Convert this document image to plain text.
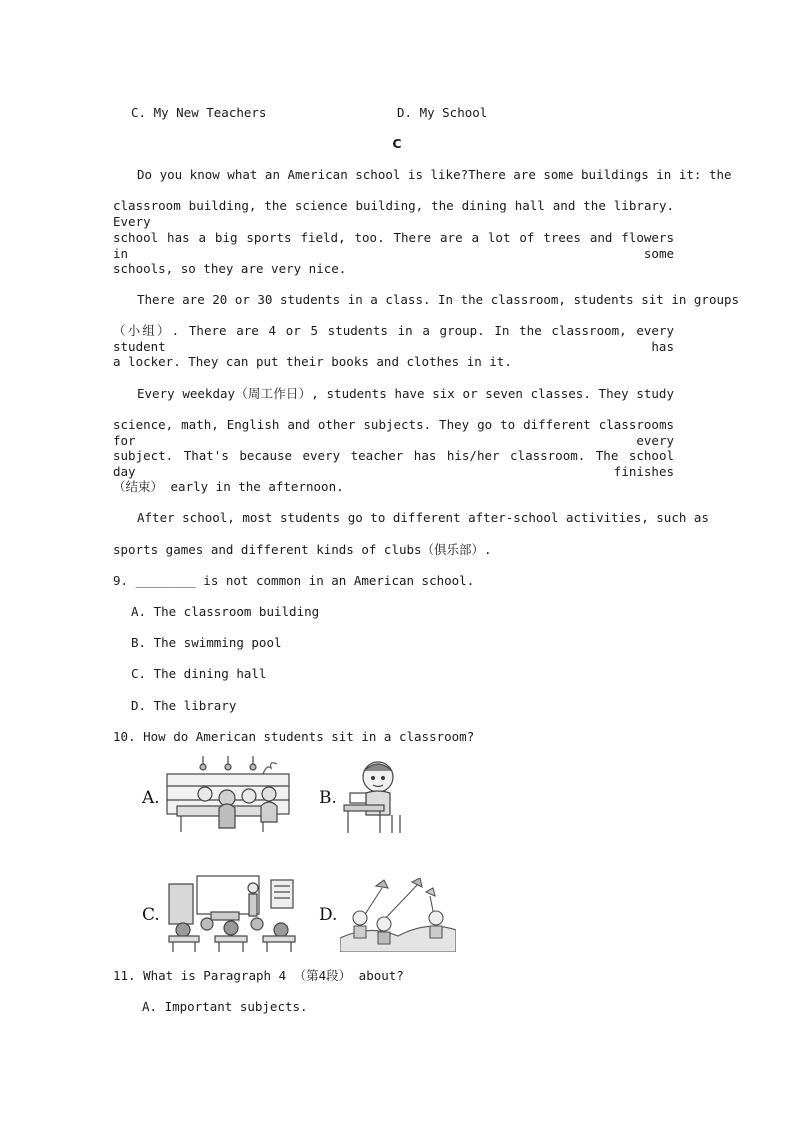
C. My New Teachers	D. My School
C
Do you know what an American school is like?There are some buildings in it: the
classroom building, the science building, the dining hall and the library. Every
school has a big sports field, too. There are a lot of trees and flowers in some
schools, so they are very nice.
There are 20 or 30 students in a class. In the classroom, students sit in groups
（小组）. There are 4 or 5 students in a group. In the classroom, every student has
a locker. They can put their books and clothes in it.
Every weekday（周工作日）, students have six or seven classes. They study
science, math, English and other subjects. They go to different classrooms for every
subject. That's because every teacher has his/her classroom. The school day finishes
（结束） early in the afternoon.
After school, most students go to different after-school activities, such as
sports games and different kinds of clubs（俱乐部）.
9. ________ is not common in an American school.
A. The classroom building
B. The swimming pool
C. The dining hall
D. The library
10. How do American students sit in a classroom?
A.	B.
C.	D.
11. What is Paragraph 4 （第4段） about?
A. Important subjects.
